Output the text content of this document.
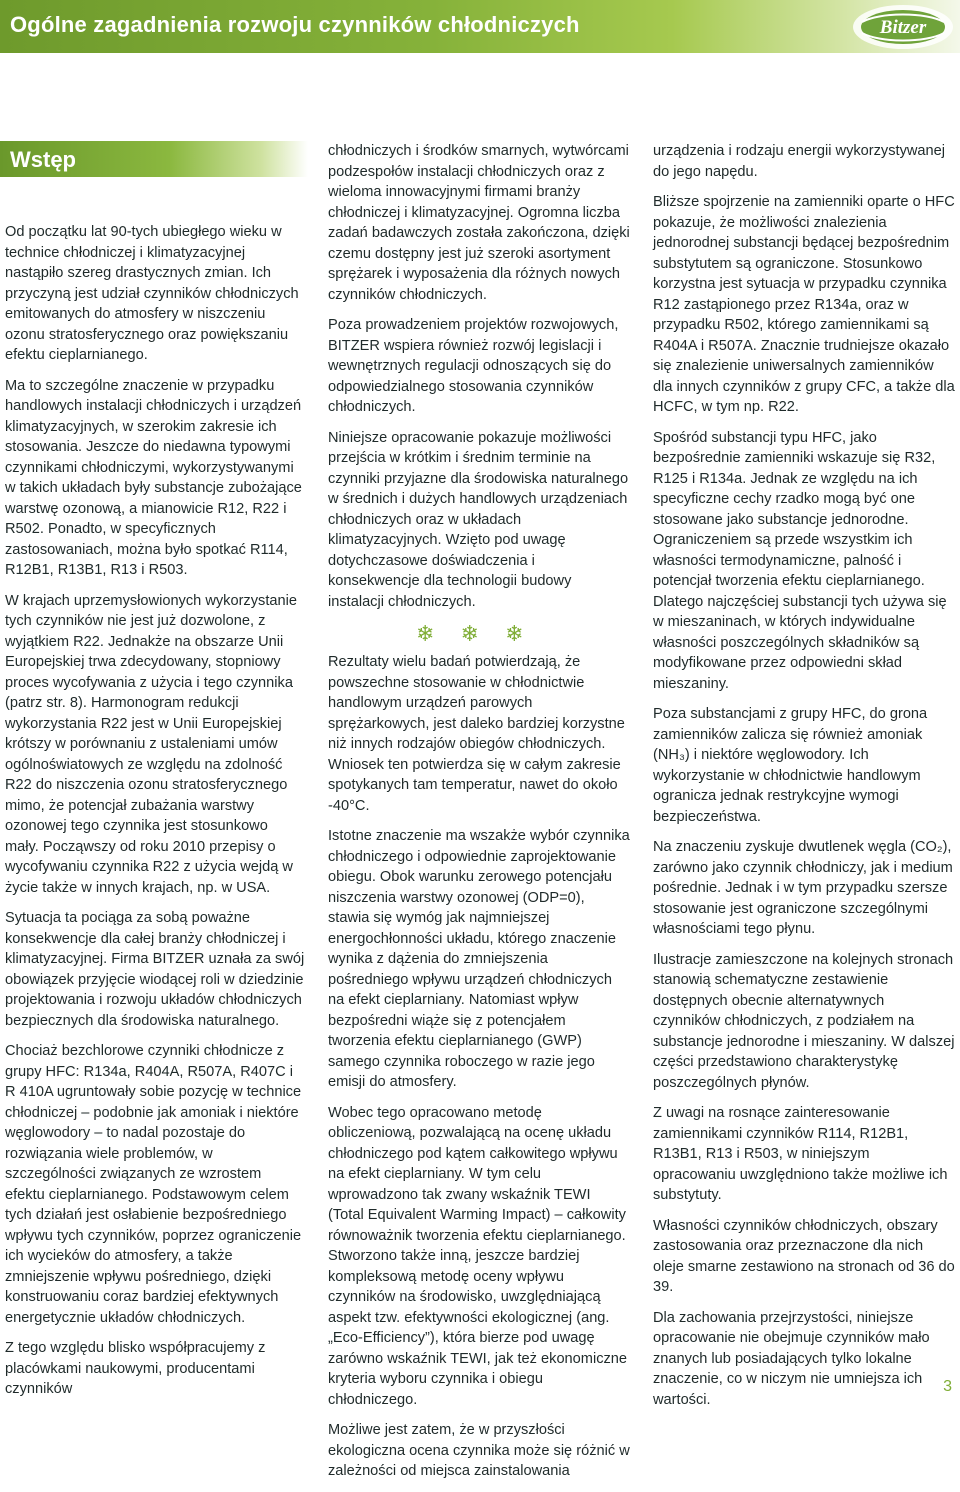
Ogólne zagadnienia rozwoju czynników chłodniczych	Bitzer
Wstęp

Od początku lat 90-tych ubiegłego wieku w technice chłodniczej i klimatyzacyjnej nastąpiło szereg drastycznych zmian. Ich przyczyną jest udział czynników chłodniczych emitowanych do atmosfery w niszczeniu ozonu stratosferycznego oraz powiększaniu efektu cieplarnianego.

Ma to szczególne znaczenie w przypadku handlowych instalacji chłodniczych i urządzeń klimatyzacyjnych, w szerokim zakresie ich stosowania. Jeszcze do niedawna typowymi czynnikami chłodniczymi, wykorzystywanymi w takich układach były substancje zubożające warstwę ozonową, a mianowicie R12, R22 i R502. Ponadto, w specyficznych zastosowaniach, można było spotkać R114, R12B1, R13B1, R13 i R503.

W krajach uprzemysłowionych wykorzystanie tych czynników nie jest już dozwolone, z wyjątkiem R22. Jednakże na obszarze Unii Europejskiej trwa zdecydowany, stopniowy proces wycofywania z użycia i tego czynnika (patrz str. 8). Harmonogram redukcji wykorzystania R22 jest w Unii Europejskiej krótszy w porównaniu z ustaleniami umów ogólnoświatowych ze względu na zdolność R22 do niszczenia ozonu stratosferycznego mimo, że potencjał zubażania warstwy ozonowej tego czynnika jest stosunkowo mały. Począwszy od roku 2010 przepisy o wycofywaniu czynnika R22 z użycia wejdą w życie także w innych krajach, np. w USA.

Sytuacja ta pociąga za sobą poważne konsekwencje dla całej branży chłodniczej i klimatyzacyjnej. Firma BITZER uznała za swój obowiązek przyjęcie wiodącej roli w dziedzinie projektowania i rozwoju układów chłodniczych bezpiecznych dla środowiska naturalnego.

Chociaż bezchlorowe czynniki chłodnicze z grupy HFC: R134a, R404A, R507A, R407C i R 410A ugruntowały sobie pozycję w technice chłodniczej – podobnie jak amoniak i niektóre węglowodory – to nadal pozostaje do rozwiązania wiele problemów, w szczególności związanych ze wzrostem efektu cieplarnianego. Podstawowym celem tych działań jest osłabienie bezpośredniego wpływu tych czynników, poprzez ograniczenie ich wycieków do atmosfery, a także zmniejszenie wpływu pośredniego, dzięki konstruowaniu coraz bardziej efektywnych energetycznie układów chłodniczych.

Z tego względu blisko współpracujemy z placówkami naukowymi, producentami czynników

chłodniczych i środków smarnych, wytwórcami podzespołów instalacji chłodniczych oraz z wieloma innowacyjnymi firmami branży chłodniczej i klimatyzacyjnej. Ogromna liczba zadań badawczych została zakończona, dzięki czemu dostępny jest już szeroki asortyment sprężarek i wyposażenia dla różnych nowych czynników chłodniczych.

Poza prowadzeniem projektów rozwojowych, BITZER wspiera również rozwój legislacji i wewnętrznych regulacji odnoszących się do odpowiedzialnego stosowania czynników chłodniczych.

Niniejsze opracowanie pokazuje możliwości przejścia w krótkim i średnim terminie na czynniki przyjazne dla środowiska naturalnego w średnich i dużych handlowych urządzeniach chłodniczych oraz w układach klimatyzacyjnych. Wzięto pod uwagę dotychczasowe doświadczenia i konsekwencje dla technologii budowy instalacji chłodniczych.

❄ ❄ ❄

Rezultaty wielu badań potwierdzają, że powszechne stosowanie w chłodnictwie handlowym urządzeń parowych sprężarkowych, jest daleko bardziej korzystne niż innych rodzajów obiegów chłodniczych. Wniosek ten potwierdza się w całym zakresie spotykanych tam temperatur, nawet do około -40°C.

Istotne znaczenie ma wszakże wybór czynnika chłodniczego i odpowiednie zaprojektowanie obiegu. Obok warunku zerowego potencjału niszczenia warstwy ozonowej (ODP=0), stawia się wymóg jak najmniejszej energochłonności układu, którego znaczenie wynika z dążenia do zmniejszenia pośredniego wpływu urządzeń chłodniczych na efekt cieplarniany. Natomiast wpływ bezpośredni wiąże się z potencjałem tworzenia efektu cieplarnianego (GWP) samego czynnika roboczego w razie jego emisji do atmosfery.

Wobec tego opracowano metodę obliczeniową, pozwalającą na ocenę układu chłodniczego pod kątem całkowitego wpływu na efekt cieplarniany. W tym celu wprowadzono tak zwany wskaźnik TEWI (Total Equivalent Warming Impact) – całkowity równoważnik tworzenia efektu cieplarnianego. Stworzono także inną, jeszcze bardziej kompleksową metodę oceny wpływu czynników na środowisko, uwzględniającą aspekt tzw. efektywności ekologicznej (ang. „Eco-Efficiency”), która bierze pod uwagę zarówno wskaźnik TEWI, jak też ekonomiczne kryteria wyboru czynnika i obiegu chłodniczego.

Możliwe jest zatem, że w przyszłości ekologiczna ocena czynnika może się różnić w zależności od miejsca zainstalowania

urządzenia i rodzaju energii wykorzystywanej do jego napędu.

Bliższe spojrzenie na zamienniki oparte o HFC pokazuje, że możliwości znalezienia jednorodnej substancji będącej bezpośrednim substytutem są ograniczone. Stosunkowo korzystna jest sytuacja w przypadku czynnika R12 zastąpionego przez R134a, oraz w przypadku R502, którego zamiennikami są R404A i R507A. Znacznie trudniejsze okazało się znalezienie uniwersalnych zamienników dla innych czynników z grupy CFC, a także dla HCFC, w tym np. R22.

Spośród substancji typu HFC, jako bezpośrednie zamienniki wskazuje się R32, R125 i R134a. Jednak ze względu na ich specyficzne cechy rzadko mogą być one stosowane jako substancje jednorodne. Ograniczeniem są przede wszystkim ich własności termodynamiczne, palność i potencjał tworzenia efektu cieplarnianego. Dlatego najczęściej substancji tych używa się w mieszaninach, w których indywidualne własności poszczególnych składników są modyfikowane przez odpowiedni skład mieszaniny.

Poza substancjami z grupy HFC, do grona zamienników zalicza się również amoniak (NH₃) i niektóre węglowodory. Ich wykorzystanie w chłodnictwie handlowym ogranicza jednak restrykcyjne wymogi bezpieczeństwa.

Na znaczeniu zyskuje dwutlenek węgla (CO₂), zarówno jako czynnik chłodniczy, jak i medium pośrednie. Jednak i w tym przypadku szersze stosowanie jest ograniczone szczególnymi własnościami tego płynu.

Ilustracje zamieszczone na kolejnych stronach stanowią schematyczne zestawienie dostępnych obecnie alternatywnych czynników chłodniczych, z podziałem na substancje jednorodne i mieszaniny. W dalszej części przedstawiono charakterystykę poszczególnych płynów.

Z uwagi na rosnące zainteresowanie zamiennikami czynników R114, R12B1, R13B1, R13 i R503, w niniejszym opracowaniu uwzględniono także możliwe ich substytuty.

Własności czynników chłodniczych, obszary zastosowania oraz przeznaczone dla nich oleje smarne zestawiono na stronach od 36 do 39.

Dla zachowania przejrzystości, niniejsze opracowanie nie obejmuje czynników mało znanych lub posiadających tylko lokalne znaczenie, co w niczym nie umniejsza ich wartości.

3
